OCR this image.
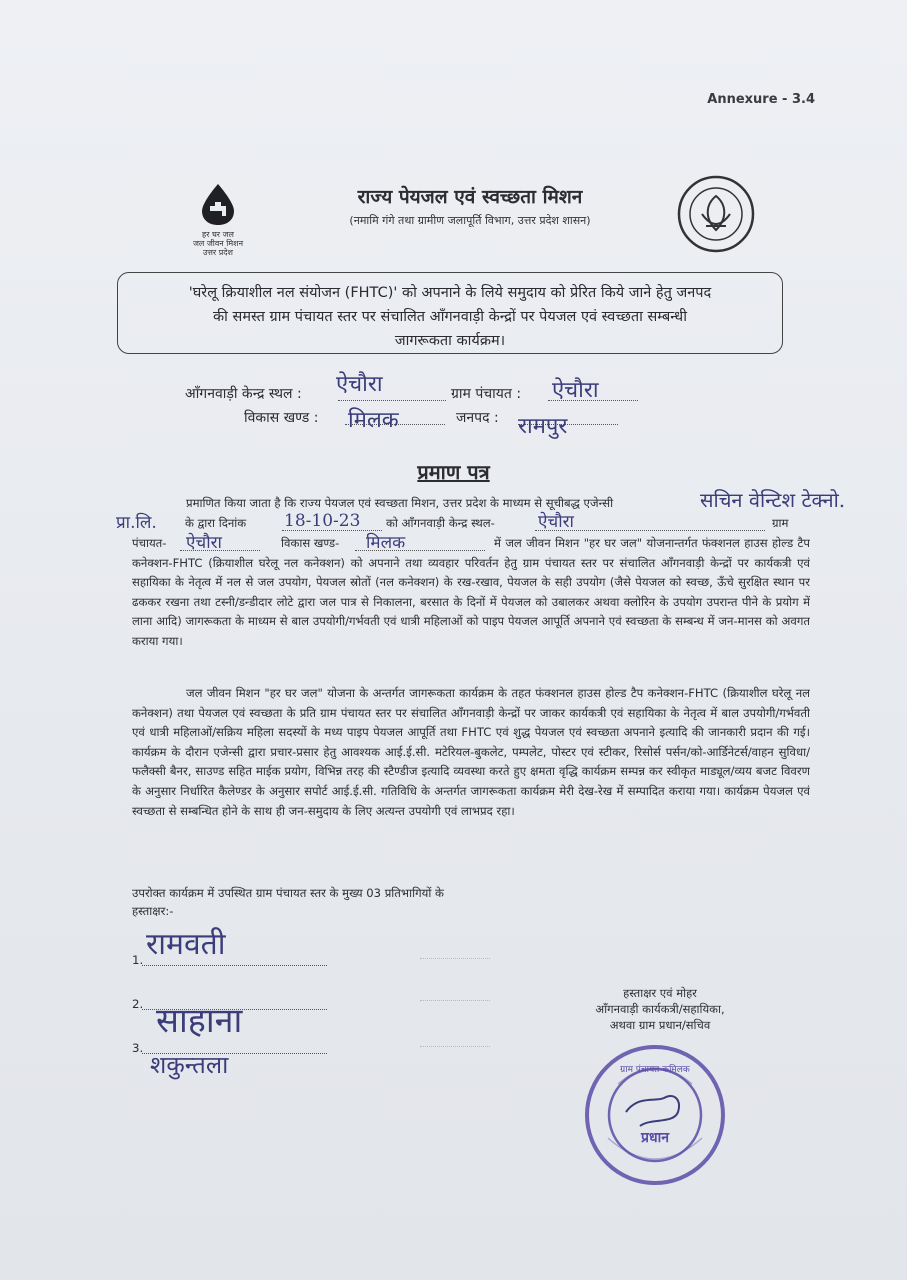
Annexure - 3.4
हर घर जल
जल जीवन मिशन
उत्तर प्रदेश
राज्य पेयजल एवं स्वच्छता मिशन
(नमामि गंगे तथा ग्रामीण जलापूर्ति विभाग, उत्तर प्रदेश शासन)
'घरेलू क्रियाशील नल संयोजन (FHTC)' को अपनाने के लिये समुदाय को प्रेरित किये जाने हेतु जनपद
की समस्त ग्राम पंचायत स्तर पर संचालित आँगनवाड़ी केन्द्रों पर पेयजल एवं स्वच्छता सम्बन्धी
जागरूकता कार्यक्रम।
आँगनवाड़ी केन्द्र स्थल : ऐचौरा	ग्राम पंचायत : ऐचौरा
विकास खण्ड : मिलक	जनपद : रामपुर
प्रमाण पत्र
प्रमाणित किया जाता है कि राज्य पेयजल एवं स्वच्छता मिशन, उत्तर प्रदेश के माध्यम से सूचीबद्ध एजेन्सी	सचिन वेन्टिश टेक्नो.
प्रा.लि. के द्वारा दिनांक	18-10-23 को आँगनवाड़ी केन्द्र स्थल-	ऐचौरा	ग्राम
पंचायत-	ऐचौरा	विकास खण्ड-	मिलक	में जल जीवन मिशन "हर घर जल" योजनान्तर्गत फंक्शनल हाउस होल्ड टैप कनेक्शन-FHTC (क्रियाशील घरेलू नल कनेक्शन) को अपनाने तथा व्यवहार परिवर्तन हेतु ग्राम पंचायत स्तर पर संचालित आँगनवाड़ी केन्द्रों पर कार्यकत्री एवं सहायिका के नेतृत्व में नल से जल उपयोग, पेयजल स्रोतों (नल कनेक्शन) के रख-रखाव, पेयजल के सही उपयोग (जैसे पेयजल को स्वच्छ, ऊँचे सुरक्षित स्थान पर ढककर रखना तथा टस्नी/डन्डीदार लोटे द्वारा जल पात्र से निकालना, बरसात के दिनों में पेयजल को उबालकर अथवा क्लोरिन के उपयोग उपरान्त पीने के प्रयोग में लाना आदि) जागरूकता के माध्यम से बाल उपयोगी/गर्भवती एवं धात्री महिलाओं को पाइप पेयजल आपूर्ति अपनाने एवं स्वच्छता के सम्बन्ध में जन-मानस को अवगत कराया गया।
जल जीवन मिशन "हर घर जल" योजना के अन्तर्गत जागरूकता कार्यक्रम के तहत फंक्शनल हाउस होल्ड टैप कनेक्शन-FHTC (क्रियाशील घरेलू नल कनेक्शन) तथा पेयजल एवं स्वच्छता के प्रति ग्राम पंचायत स्तर पर संचालित आँगनवाड़ी केन्द्रों पर जाकर कार्यकत्री एवं सहायिका के नेतृत्व में बाल उपयोगी/गर्भवती एवं धात्री महिलाओं/सक्रिय महिला सदस्यों के मध्य पाइप पेयजल आपूर्ति तथा FHTC एवं शुद्ध पेयजल एवं स्वच्छता अपनाने इत्यादि की जानकारी प्रदान की गई। कार्यक्रम के दौरान एजेन्सी द्वारा प्रचार-प्रसार हेतु आवश्यक आई.ई.सी. मटेरियल-बुकलेट, पम्पलेट, पोस्टर एवं स्टीकर, रिसोर्स पर्सन/को-आर्डिनेटर्स/वाहन सुविधा/फलैक्सी बैनर, साउण्ड सहित माईक प्रयोग, विभिन्न तरह की स्टैण्डीज इत्यादि व्यवस्था करते हुए क्षमता वृद्धि कार्यक्रम सम्पन्न कर स्वीकृत माड्यूल/व्यय बजट विवरण के अनुसार निर्धारित कैलेण्डर के अनुसार सपोर्ट आई.ई.सी. गतिविधि के अन्तर्गत जागरूकता कार्यक्रम मेरी देख-रेख में सम्पादित कराया गया। कार्यक्रम पेयजल एवं स्वच्छता से सम्बन्धित होने के साथ ही जन-समुदाय के लिए अत्यन्त उपयोगी एवं लाभप्रद रहा।
उपरोक्त कार्यक्रम में उपस्थित ग्राम पंचायत स्तर के मुख्य 03 प्रतिभागियों के
हस्ताक्षर:-
1. रामवती
2. साहाना
3.
शकुन्तला
हस्ताक्षर एवं मोहर
आँगनवाड़ी कार्यकत्री/सहायिका,
अथवा ग्राम प्रधान/सचिव
प्रधान
ग्राम पंचायत कमिलक
